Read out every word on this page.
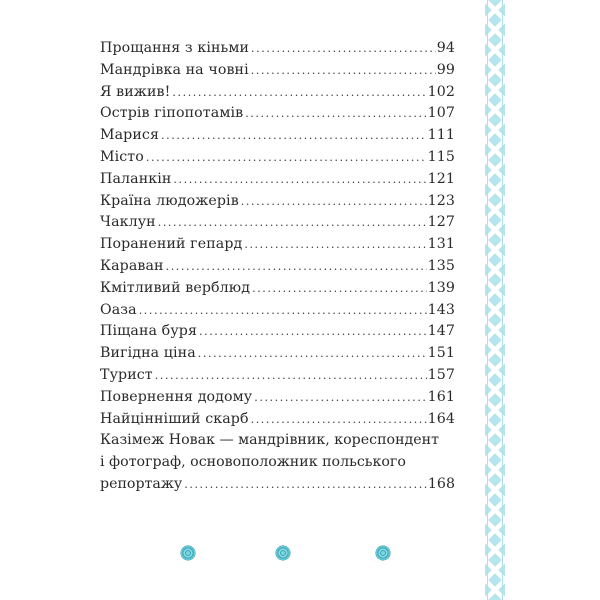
Прощання з кіньми .....	94
Мандрівка на човні .....	99
Я вижив! .....	102
Острів гіпопотамів .....	107
Марися .....	111
Місто .....	115
Паланкін .....	121
Країна людожерів .....	123
Чаклун .....	127
Поранений гепард .....	131
Караван .....	135
Кмітливий верблюд .....	139
Оаза .....	143
Піщана буря .....	147
Вигідна ціна .....	151
Турист .....	157
Повернення додому .....	161
Найцінніший скарб .....	164
Казімеж Новак — мандрівник, кореспондент
і фотограф, основоположник польського
репортажу .....	168
